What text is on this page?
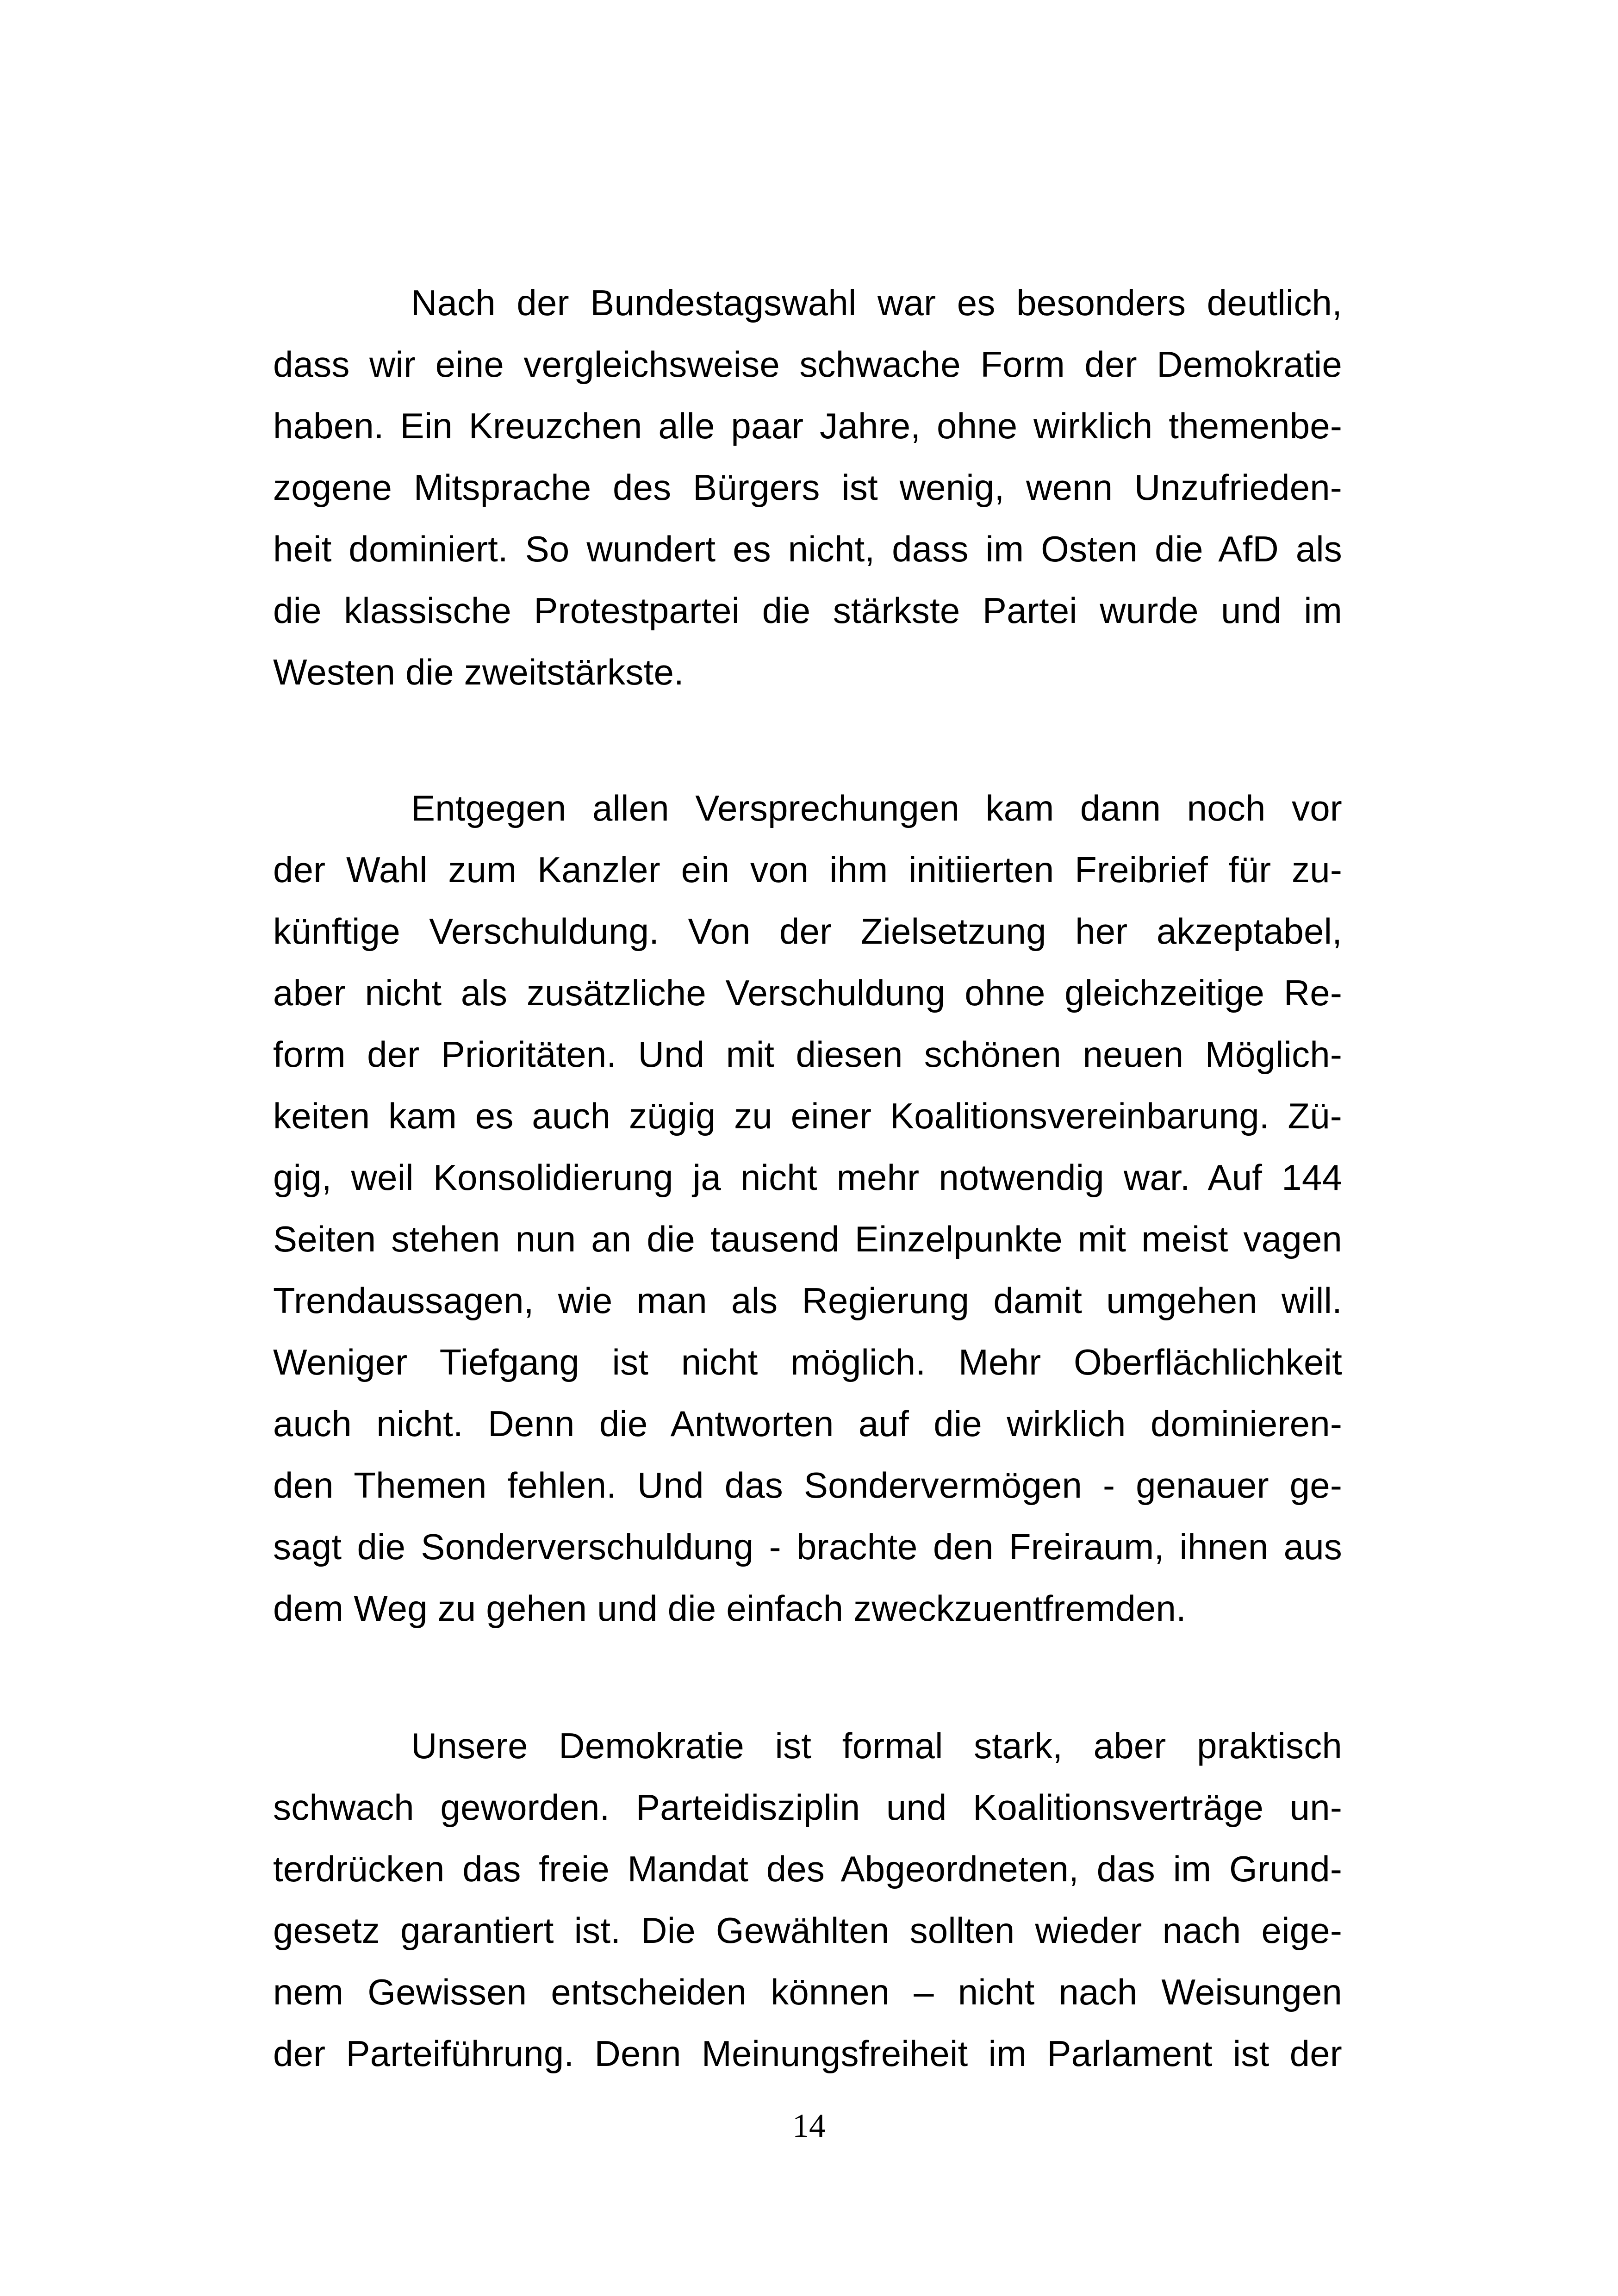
Nach der Bundestagswahl war es besonders deutlich,
dass wir eine vergleichsweise schwache Form der Demokratie
haben. Ein Kreuzchen alle paar Jahre, ohne wirklich themenbe-
zogene Mitsprache des Bürgers ist wenig, wenn Unzufrieden-
heit dominiert. So wundert es nicht, dass im Osten die AfD als
die klassische Protestpartei die stärkste Partei wurde und im
Westen die zweitstärkste.
Entgegen allen Versprechungen kam dann noch vor
der Wahl zum Kanzler ein von ihm initiierten Freibrief für zu-
künftige Verschuldung. Von der Zielsetzung her akzeptabel,
aber nicht als zusätzliche Verschuldung ohne gleichzeitige Re-
form der Prioritäten. Und mit diesen schönen neuen Möglich-
keiten kam es auch zügig zu einer Koalitionsvereinbarung. Zü-
gig, weil Konsolidierung ja nicht mehr notwendig war. Auf 144
Seiten stehen nun an die tausend Einzelpunkte mit meist vagen
Trendaussagen, wie man als Regierung damit umgehen will.
Weniger Tiefgang ist nicht möglich. Mehr Oberflächlichkeit
auch nicht. Denn die Antworten auf die wirklich dominieren-
den Themen fehlen. Und das Sondervermögen - genauer ge-
sagt die Sonderverschuldung - brachte den Freiraum, ihnen aus
dem Weg zu gehen und die einfach zweckzuentfremden.
Unsere Demokratie ist formal stark, aber praktisch
schwach geworden. Parteidisziplin und Koalitionsverträge un-
terdrücken das freie Mandat des Abgeordneten, das im Grund-
gesetz garantiert ist. Die Gewählten sollten wieder nach eige-
nem Gewissen entscheiden können – nicht nach Weisungen
der Parteiführung. Denn Meinungsfreiheit im Parlament ist der
14
